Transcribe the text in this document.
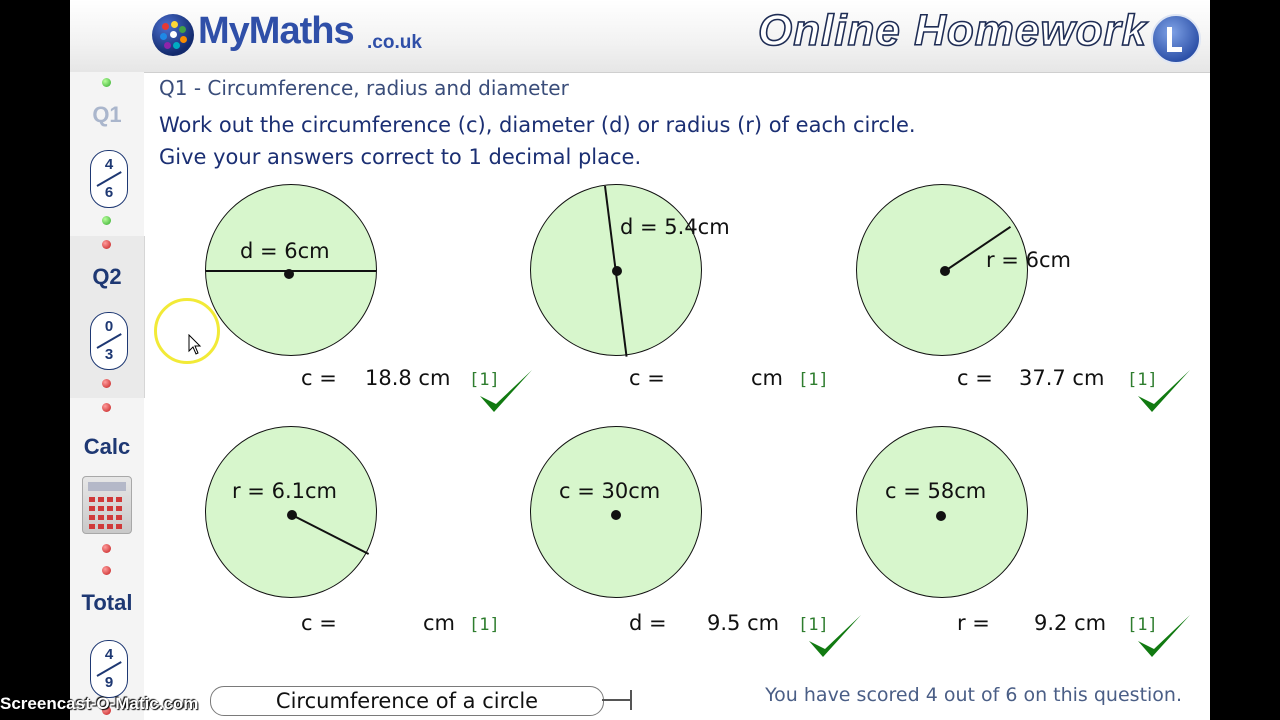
MyMaths .co.uk	Online Homework
Q1
4
6
Q2
0
3
Calc
Total
4
9
Q1 - Circumference, radius and diameter
Work out the circumference (c), diameter (d) or radius (r) of each circle.
Give your answers correct to 1 decimal place.
d = 6cm
c = 18.8 cm [1]
d = 5.4cm
c =	cm [1]
r = 6cm
c = 37.7 cm [1]
r = 6.1cm
c =	cm [1]
c = 30cm
d = 9.5 cm [1]
c = 58cm
r = 9.2 cm [1]
Circumference of a circle	You have scored 4 out of 6 on this question.
Screencast-O-Matic.com
